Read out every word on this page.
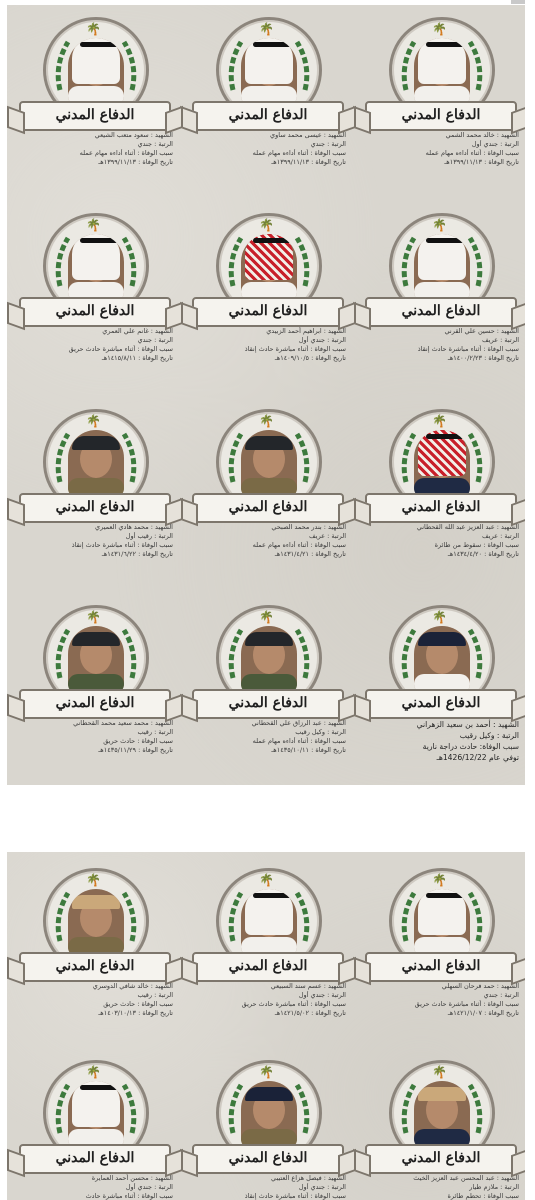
🌴
الدفاع المدني
الشهيد : خالد محمد الشمي
الرتبة : جندي أول
سبب الوفاة : أثناء أداءه مهام عمله
تاريخ الوفاة : ١٣٩٩/١١/١٣هـ
🌴
الدفاع المدني
الشهيد : عيسى محمد ساوي
الرتبة : جندي
سبب الوفاة : أثناء أداءه مهام عمله
تاريخ الوفاة : ١٣٩٩/١١/١٣هـ
🌴
الدفاع المدني
الشهيد : سعود متعب الشيعي
الرتبة : جندي
سبب الوفاة : أثناء أداءه مهام عمله
تاريخ الوفاة : ١٣٩٩/١١/١٣هـ
🌴
الدفاع المدني
الشهيد : حسين علي القرني
الرتبة : عريف
سبب الوفاة : أثناء مباشرة حادث إنقاذ
تاريخ الوفاة : ١٤٠٠/٢/٢٣هـ
🌴
الدفاع المدني
الشهيد : ابراهيم أحمد الزبيدي
الرتبة : جندي أول
سبب الوفاة : أثناء مباشرة حادث إنقاذ
تاريخ الوفاة : ١٤٠٩/١٠/٥هـ
🌴
الدفاع المدني
الشهيد : غانم علي العمري
الرتبة : جندي
سبب الوفاة : أثناء مباشرة حادث حريق
تاريخ الوفاة : ١٤١٥/٨/١١هـ
🌴
الدفاع المدني
الشهيد : عبد العزيز عبد الله القحطاني
الرتبة : عريف
سبب الوفاة : سقوط من طائرة
تاريخ الوفاة : ١٤٣٤/٤/٢٠هـ
🌴
الدفاع المدني
الشهيد : بندر محمد الصبحي
الرتبة : عريف
سبب الوفاة : أثناء أداءه مهام عمله
تاريخ الوفاة : ١٤٣١/٤/٢١هـ
🌴
الدفاع المدني
الشهيد : محمد هادي العميري
الرتبة : رقيب أول
سبب الوفاة : أثناء مباشرة حادث إنقاذ
تاريخ الوفاة : ١٤٣١/٦/٢٢هـ
🌴
الدفاع المدني
الشهيد : أحمد بن سعيد الزهراني
الرتبة : وكيل رقيب
سبب الوفاة: حادث دراجة نارية
توفي عام 1426/12/22هـ
🌴
الدفاع المدني
الشهيد : عبد الرزاق علي القحطاني
الرتبة : وكيل رقيب
سبب الوفاة : أثناء أداءه مهام عمله
تاريخ الوفاة : ١٤٣٥/١٠/١١هـ
🌴
الدفاع المدني
الشهيد : محمد سعيد محمد القحطاني
الرتبة : رقيب
سبب الوفاة : حادث حريق
تاريخ الوفاة : ١٤٣٥/١١/٢٩هـ
🌴
الدفاع المدني
الشهيد : حمد فرحان السهلي
الرتبة : جندي
سبب الوفاة : أثناء مباشرة حادث حريق
تاريخ الوفاة : ١٤٢١/١/٠٧هـ
🌴
الدفاع المدني
الشهيد : عسم سند السبيعي
الرتبة : جندي أول
سبب الوفاة : أثناء مباشرة حادث حريق
تاريخ الوفاة : ١٤٢١/٥/٠٢هـ
🌴
الدفاع المدني
الشهيد : خالد شافي الدوسري
الرتبة : رقيب
سبب الوفاة : حادث حريق
تاريخ الوفاة : ١٤٠٣/١٠/١٣هـ
🌴
الدفاع المدني
الشهيد : عبد المحسن عبد العزيز الخيث
الرتبة : ملازم طيار
سبب الوفاة : تحطم طائرة
🌴
الدفاع المدني
الشهيد : فيصل هزاع العتيبي
الرتبة : جندي أول
سبب الوفاة : أثناء مباشرة حادث إنقاذ
🌴
الدفاع المدني
الشهيد : محسن أحمد العمايرة
الرتبة : جندي أول
سبب الوفاة : أثناء مباشرة حادث
